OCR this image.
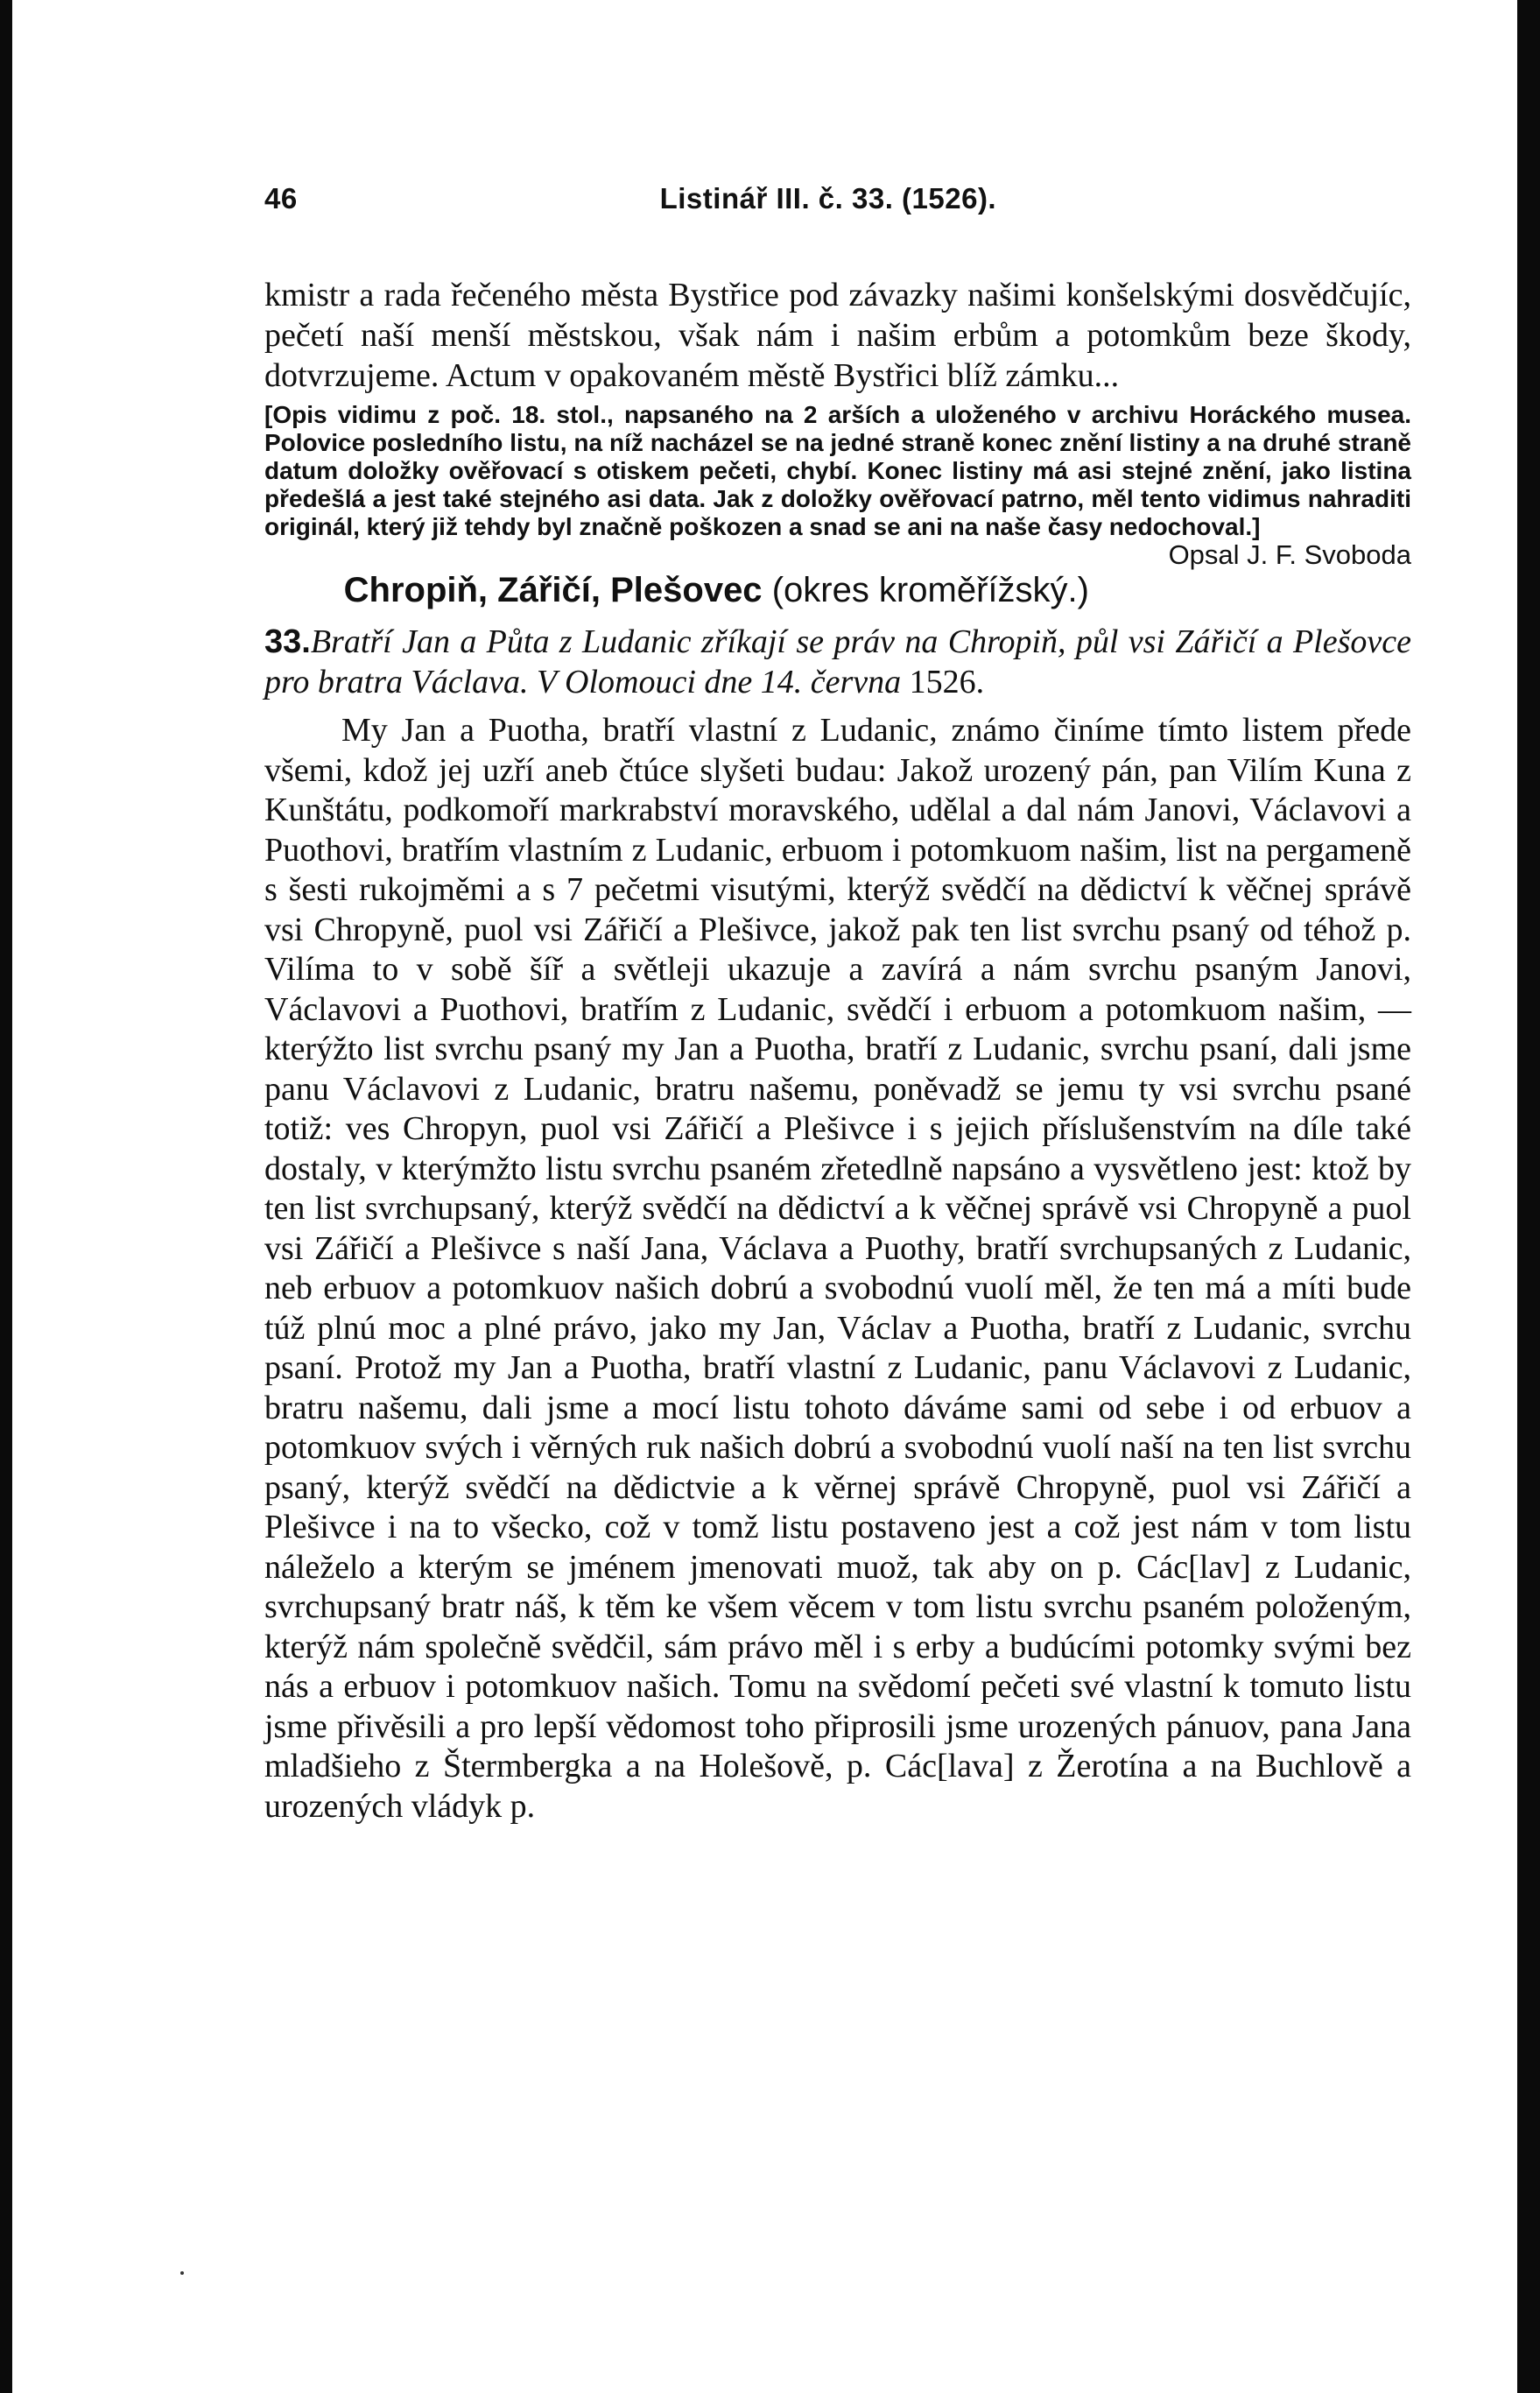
46	Listinář III. č. 33. (1526).
kmistr a rada řečeného města Bystřice pod závazky našimi konšelskými dosvědčujíc, pečetí naší menší městskou, však nám i našim erbům a potomkům beze škody, dotvrzujeme. Actum v opakovaném městě Bystřici blíž zámku...
[Opis vidimu z poč. 18. stol., napsaného na 2 arších a uloženého v archivu Horáckého musea. Polovice posledního listu, na níž nacházel se na jedné straně konec znění listiny a na druhé straně datum doložky ověřovací s otiskem pečeti, chybí. Konec listiny má asi stejné znění, jako listina předešlá a jest také stejného asi data. Jak z doložky ověřovací patrno, měl tento vidimus nahraditi originál, který již tehdy byl značně poškozen a snad se ani na naše časy nedochoval.]
Opsal J. F. Svoboda
Chropiň, Zářičí, Plešovec (okres kroměřížský.)
33.Bratří Jan a Půta z Ludanic zříkají se práv na Chropiň, půl vsi Zářičí a Plešovce pro bratra Václava. V Olomouci dne 14. června 1526.
My Jan a Puotha, bratří vlastní z Ludanic, známo činíme tímto listem přede všemi, kdož jej uzří aneb čtúce slyšeti budau: Jakož urozený pán, pan Vilím Kuna z Kunštátu, podkomoří markrabství moravského, udělal a dal nám Janovi, Václavovi a Puothovi, bratřím vlastním z Ludanic, erbuom i potomkuom našim, list na pergameně s šesti rukojměmi a s 7 pečetmi visutými, kterýž svědčí na dědictví k věčnej správě vsi Chropyně, puol vsi Zářičí a Plešivce, jakož pak ten list svrchu psaný od téhož p. Vilíma to v sobě šíř a světleji ukazuje a zavírá a nám svrchu psaným Janovi, Václavovi a Puothovi, bratřím z Ludanic, svědčí i erbuom a potomkuom našim, — kterýžto list svrchu psaný my Jan a Puotha, bratří z Ludanic, svrchu psaní, dali jsme panu Václavovi z Ludanic, bratru našemu, poněvadž se jemu ty vsi svrchu psané totiž: ves Chropyn, puol vsi Zářičí a Plešivce i s jejich příslušenstvím na díle také dostaly, v kterýmžto listu svrchu psaném zřetedlně napsáno a vysvětleno jest: ktož by ten list svrchupsaný, kterýž svědčí na dědictví a k věčnej správě vsi Chropyně a puol vsi Zářičí a Plešivce s naší Jana, Václava a Puothy, bratří svrchupsaných z Ludanic, neb erbuov a potomkuov našich dobrú a svobodnú vuolí měl, že ten má a míti bude túž plnú moc a plné právo, jako my Jan, Václav a Puotha, bratří z Ludanic, svrchu psaní. Protož my Jan a Puotha, bratří vlastní z Ludanic, panu Václavovi z Ludanic, bratru našemu, dali jsme a mocí listu tohoto dáváme sami od sebe i od erbuov a potomkuov svých i věrných ruk našich dobrú a svobodnú vuolí naší na ten list svrchu psaný, kterýž svědčí na dědictvie a k věrnej správě Chropyně, puol vsi Zářičí a Plešivce i na to všecko, což v tomž listu postaveno jest a což jest nám v tom listu náleželo a kterým se jménem jmenovati muož, tak aby on p. Các[lav] z Ludanic, svrchupsaný bratr náš, k těm ke všem věcem v tom listu svrchu psaném položeným, kterýž nám společně svědčil, sám právo měl i s erby a budúcími potomky svými bez nás a erbuov i potomkuov našich. Tomu na svědomí pečeti své vlastní k tomuto listu jsme přivěsili a pro lepší vědomost toho připrosili jsme urozených pánuov, pana Jana mladšieho z Štermbergka a na Holešově, p. Các[lava] z Žerotína a na Buchlově a urozených vládyk p.
